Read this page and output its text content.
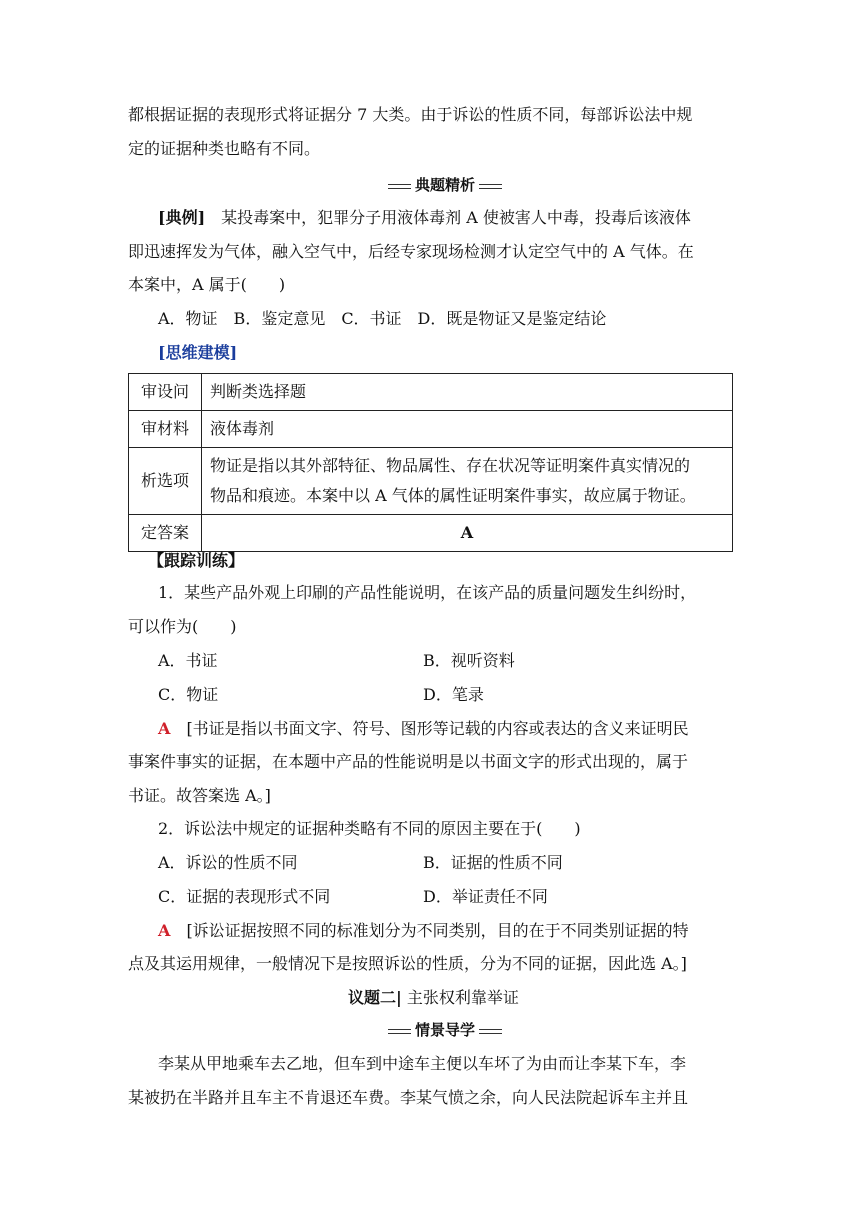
都根据证据的表现形式将证据分 7 大类。由于诉讼的性质不同，每部诉讼法中规
定的证据种类也略有不同。
典题精析
[典例]　 某投毒案中，犯罪分子用液体毒剂 A 使被害人中毒，投毒后该液体
即迅速挥发为气体，融入空气中，后经专家现场检测才认定空气中的 A 气体。在
本案中，A 属于(　　)
A．物证　B．鉴定意见　C．书证　D．既是物证又是鉴定结论
[思维建模]
审设问	判断类选择题
审材料	液体毒剂
析选项	物证是指以其外部特征、物品属性、存在状况等证明案件真实情况的
物品和痕迹。本案中以 A 气体的属性证明案件事实，故应属于物证。

定答案	A
【跟踪训练】
1．某些产品外观上印刷的产品性能说明，在该产品的质量问题发生纠纷时，
可以作为(　　)
A．书证	B．视听资料
C．物证	D．笔录
A　 [书证是指以书面文字、符号、图形等记载的内容或表达的含义来证明民
事案件事实的证据，在本题中产品的性能说明是以书面文字的形式出现的，属于
书证。故答案选 A。]
2．诉讼法中规定的证据种类略有不同的原因主要在于(　　)
A．诉讼的性质不同	B．证据的性质不同
C．证据的表现形式不同	D．举证责任不同
A　 [诉讼证据按照不同的标准划分为不同类别，目的在于不同类别证据的特
点及其运用规律，一般情况下是按照诉讼的性质，分为不同的证据，因此选 A。]
议题二| 主张权利靠举证
情景导学
李某从甲地乘车去乙地，但车到中途车主便以车坏了为由而让李某下车，李
某被扔在半路并且车主不肯退还车费。李某气愤之余，向人民法院起诉车主并且
